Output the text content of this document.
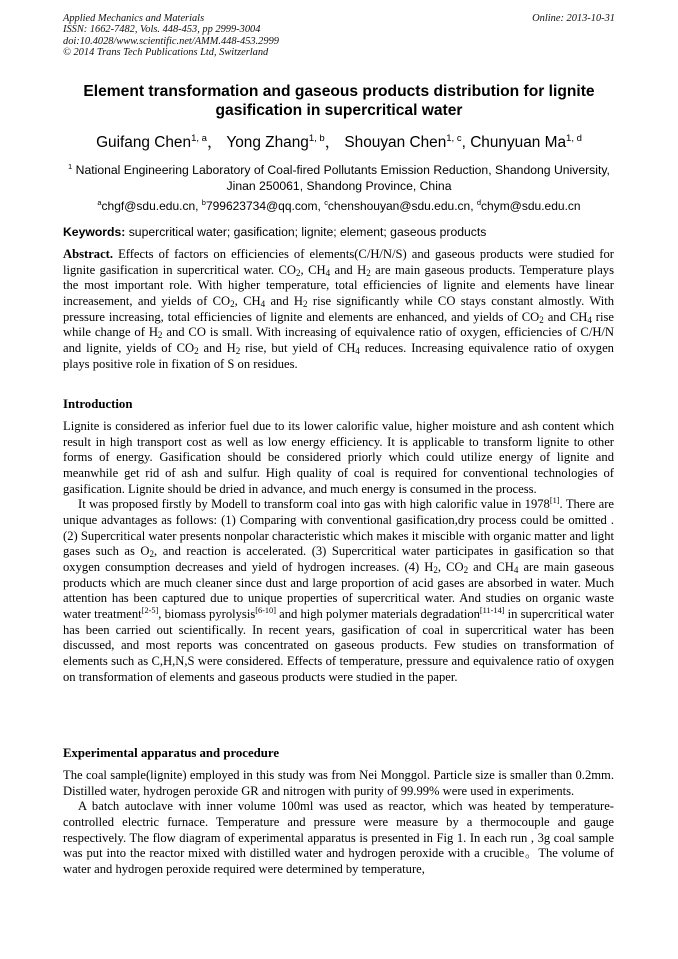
Applied Mechanics and Materials
ISSN: 1662-7482, Vols. 448-453, pp 2999-3004
doi:10.4028/www.scientific.net/AMM.448-453.2999
© 2014 Trans Tech Publications Ltd, Switzerland
Online: 2013-10-31
Element transformation and gaseous products distribution for lignite gasification in supercritical water
Guifang Chen$^{1, a}$， Yong Zhang$^{1, b}$， Shouyan Chen$^{1, c}$, Chunyuan Ma$^{1, d}$
$^1$ National Engineering Laboratory of Coal-fired Pollutants Emission Reduction, Shandong University, Jinan 250061, Shandong Province, China
$^a$chgf@sdu.edu.cn, $^b$799623734@qq.com, $^c$chenshouyan@sdu.edu.cn, $^d$chym@sdu.edu.cn
Keywords: supercritical water; gasification; lignite; element; gaseous products

Abstract. Effects of factors on efficiencies of elements(C/H/N/S) and gaseous products were studied for lignite gasification in supercritical water. $CO_2$, $CH_4$ and $H_2$ are main gaseous products. Temperature plays the most important role. With higher temperature, total efficiencies of lignite and elements have linear increasement, and yields of $CO_2$, $CH_4$ and $H_2$ rise significantly while CO stays constant almostly. With pressure increasing, total efficiencies of lignite and elements are enhanced, and yields of $CO_2$ and $CH_4$ rise while change of $H_2$ and CO is small. With increasing of equivalence ratio of oxygen, efficiencies of C/H/N and lignite, yields of $CO_2$ and $H_2$ rise, but yield of $CH_4$ reduces. Increasing equivalence ratio of oxygen plays positive role in fixation of S on residues.

Introduction

Lignite is considered as inferior fuel due to its lower calorific value, higher moisture and ash content which result in high transport cost as well as low energy efficiency. It is applicable to transform lignite to other forms of energy. Gasification should be considered priorly which could utilize energy of lignite and meanwhile get rid of ash and sulfur. High quality of coal is required for conventional technologies of gasification. Lignite should be dried in advance, and much energy is consumed in the process.

It was proposed firstly by Modell to transform coal into gas with high calorific value in 1978[1]. There are unique advantages as follows: (1) Comparing with conventional gasification,dry process could be omitted . (2) Supercritical water presents nonpolar characteristic which makes it miscible with organic matter and light gases such as $O_2$, and reaction is accelerated. (3) Supercritical water participates in gasification so that oxygen consumption decreases and yield of hydrogen increases. (4) $H_2$, $CO_2$ and $CH_4$ are main gaseous products which are much cleaner since dust and large proportion of acid gases are absorbed in water. Much attention has been captured due to unique properties of supercritical water. And studies on organic waste water treatment[2-5], biomass pyrolysis[6-10] and high polymer materials degradation[11-14] in supercritical water has been carried out scientifically. In recent years, gasification of coal in supercritical water has been discussed, and most reports was concentrated on gaseous products. Few studies on transformation of elements such as C,H,N,S were considered. Effects of temperature, pressure and equivalence ratio of oxygen on transformation of elements and gaseous products were studied in the paper.

Experimental apparatus and procedure

The coal sample(lignite) employed in this study was from Nei Monggol. Particle size is smaller than 0.2mm. Distilled water, hydrogen peroxide GR and nitrogen with purity of 99.99% were used in experiments.

A batch autoclave with inner volume 100ml was used as reactor, which was heated by temperature-controlled electric furnace. Temperature and pressure were measure by a thermocouple and gauge respectively. The flow diagram of experimental apparatus is presented in Fig 1. In each run , 3g coal sample was put into the reactor mixed with distilled water and hydrogen peroxide with a crucible。The volume of water and hydrogen peroxide required were determined by temperature,
